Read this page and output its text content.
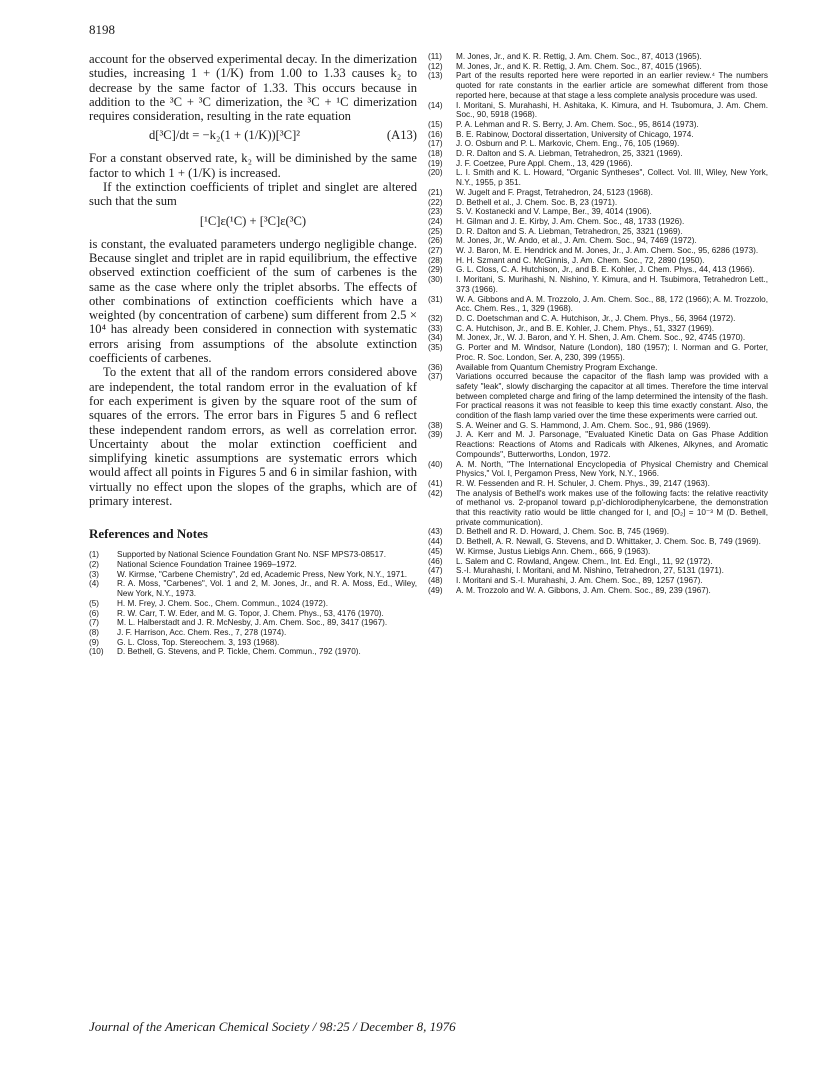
8198

account for the observed experimental decay. In the dimerization studies, increasing 1 + (1/K) from 1.00 to 1.33 causes k₂ to decrease by the same factor of 1.33. This occurs because in addition to the ³C + ³C dimerization, the ³C + ¹C dimerization requires consideration, resulting in the rate equation

d[³C]/dt = −k₂(1 + (1/K))[³C]²	(A13)

For a constant observed rate, k₂ will be diminished by the same factor to which 1 + (1/K) is increased.

If the extinction coefficients of triplet and singlet are altered such that the sum

[¹C]ε(¹C) + [³C]ε(³C)

is constant, the evaluated parameters undergo negligible change. Because singlet and triplet are in rapid equilibrium, the effective observed extinction coefficient of the sum of carbenes is the same as the case where only the triplet absorbs. The effects of other combinations of extinction coefficients which have a weighted (by concentration of carbene) sum different from 2.5 × 10⁴ has already been considered in connection with systematic errors arising from assumptions of the absolute extinction coefficients of carbenes.

To the extent that all of the random errors considered above are independent, the total random error in the evaluation of kf for each experiment is given by the square root of the sum of squares of the errors. The error bars in Figures 5 and 6 reflect these independent random errors, as well as correlation error. Uncertainty about the molar extinction coefficient and simplifying kinetic assumptions are systematic errors which would affect all points in Figures 5 and 6 in similar fashion, with virtually no effect upon the slopes of the graphs, which are of primary interest.

References and Notes
(1)	Supported by National Science Foundation Grant No. NSF MPS73-08517.
(2)	National Science Foundation Trainee 1969–1972.
(3)	W. Kirmse, "Carbene Chemistry", 2d ed, Academic Press, New York, N.Y., 1971.
(4)	R. A. Moss, "Carbenes", Vol. 1 and 2, M. Jones, Jr., and R. A. Moss, Ed., Wiley, New York, N.Y., 1973.
(5)	H. M. Frey, J. Chem. Soc., Chem. Commun., 1024 (1972).
(6)	R. W. Carr, T. W. Eder, and M. G. Topor, J. Chem. Phys., 53, 4176 (1970).
(7)	M. L. Halberstadt and J. R. McNesby, J. Am. Chem. Soc., 89, 3417 (1967).
(8)	J. F. Harrison, Acc. Chem. Res., 7, 278 (1974).
(9)	G. L. Closs, Top. Stereochem. 3, 193 (1968).
(10)	D. Bethell, G. Stevens, and P. Tickle, Chem. Commun., 792 (1970).
(11)	M. Jones, Jr., and K. R. Rettig, J. Am. Chem. Soc., 87, 4013 (1965).
(12)	M. Jones, Jr., and K. R. Rettig, J. Am. Chem. Soc., 87, 4015 (1965).
(13)	Part of the results reported here were reported in an earlier review.⁴ The numbers quoted for rate constants in the earlier article are somewhat different from those reported here, because at that stage a less complete analysis procedure was used.
(14)	I. Moritani, S. Murahashi, H. Ashitaka, K. Kimura, and H. Tsubomura, J. Am. Chem. Soc., 90, 5918 (1968).
(15)	P. A. Lehman and R. S. Berry, J. Am. Chem. Soc., 95, 8614 (1973).
(16)	B. E. Rabinow, Doctoral dissertation, University of Chicago, 1974.
(17)	J. O. Osburn and P. L. Markovic, Chem. Eng., 76, 105 (1969).
(18)	D. R. Dalton and S. A. Liebman, Tetrahedron, 25, 3321 (1969).
(19)	J. F. Coetzee, Pure Appl. Chem., 13, 429 (1966).
(20)	L. I. Smith and K. L. Howard, "Organic Syntheses", Collect. Vol. III, Wiley, New York, N.Y., 1955, p 351.
(21)	W. Jugelt and F. Pragst, Tetrahedron, 24, 5123 (1968).
(22)	D. Bethell et al., J. Chem. Soc. B, 23 (1971).
(23)	S. V. Kostanecki and V. Lampe, Ber., 39, 4014 (1906).
(24)	H. Gilman and J. E. Kirby, J. Am. Chem. Soc., 48, 1733 (1926).
(25)	D. R. Dalton and S. A. Liebman, Tetrahedron, 25, 3321 (1969).
(26)	M. Jones, Jr., W. Ando, et al., J. Am. Chem. Soc., 94, 7469 (1972).
(27)	W. J. Baron, M. E. Hendrick and M. Jones, Jr., J. Am. Chem. Soc., 95, 6286 (1973).
(28)	H. H. Szmant and C. McGinnis, J. Am. Chem. Soc., 72, 2890 (1950).
(29)	G. L. Closs, C. A. Hutchison, Jr., and B. E. Kohler, J. Chem. Phys., 44, 413 (1966).
(30)	I. Moritani, S. Murihashi, N. Nishino, Y. Kimura, and H. Tsubimora, Tetrahedron Lett., 373 (1966).
(31)	W. A. Gibbons and A. M. Trozzolo, J. Am. Chem. Soc., 88, 172 (1966); A. M. Trozzolo, Acc. Chem. Res., 1, 329 (1968).
(32)	D. C. Doetschman and C. A. Hutchison, Jr., J. Chem. Phys., 56, 3964 (1972).
(33)	C. A. Hutchison, Jr., and B. E. Kohler, J. Chem. Phys., 51, 3327 (1969).
(34)	M. Jonex, Jr., W. J. Baron, and Y. H. Shen, J. Am. Chem. Soc., 92, 4745 (1970).
(35)	G. Porter and M. Windsor, Nature (London), 180 (1957); I. Norman and G. Porter, Proc. R. Soc. London, Ser. A, 230, 399 (1955).
(36)	Available from Quantum Chemistry Program Exchange.
(37)	Variations occurred because the capacitor of the flash lamp was provided with a safety "leak", slowly discharging the capacitor at all times. Therefore the time interval between completed charge and firing of the lamp determined the intensity of the flash. For practical reasons it was not feasible to keep this time exactly constant. Also, the condition of the flash lamp varied over the time these experiments were carried out.
(38)	S. A. Weiner and G. S. Hammond, J. Am. Chem. Soc., 91, 986 (1969).
(39)	J. A. Kerr and M. J. Parsonage, "Evaluated Kinetic Data on Gas Phase Addition Reactions: Reactions of Atoms and Radicals with Alkenes, Alkynes, and Aromatic Compounds", Butterworths, London, 1972.
(40)	A. M. North, "The International Encyclopedia of Physical Chemistry and Chemical Physics," Vol. I, Pergamon Press, New York, N.Y., 1966.
(41)	R. W. Fessenden and R. H. Schuler, J. Chem. Phys., 39, 2147 (1963).
(42)	The analysis of Bethell's work makes use of the following facts: the relative reactivity of methanol vs. 2-propanol toward p,p'-dichlorodiphenylcarbene, the demonstration that this reactivity ratio would be little changed for I, and [O₂] = 10⁻³ M (D. Bethell, private communication).
(43)	D. Bethell and R. D. Howard, J. Chem. Soc. B, 745 (1969).
(44)	D. Bethell, A. R. Newall, G. Stevens, and D. Whittaker, J. Chem. Soc. B, 749 (1969).
(45)	W. Kirmse, Justus Liebigs Ann. Chem., 666, 9 (1963).
(46)	L. Salem and C. Rowland, Angew. Chem., Int. Ed. Engl., 11, 92 (1972).
(47)	S.-I. Murahashi, I. Moritani, and M. Nishino, Tetrahedron, 27, 5131 (1971).
(48)	I. Moritani and S.-I. Murahashi, J. Am. Chem. Soc., 89, 1257 (1967).
(49)	A. M. Trozzolo and W. A. Gibbons, J. Am. Chem. Soc., 89, 239 (1967).
Journal of the American Chemical Society / 98:25 / December 8, 1976
